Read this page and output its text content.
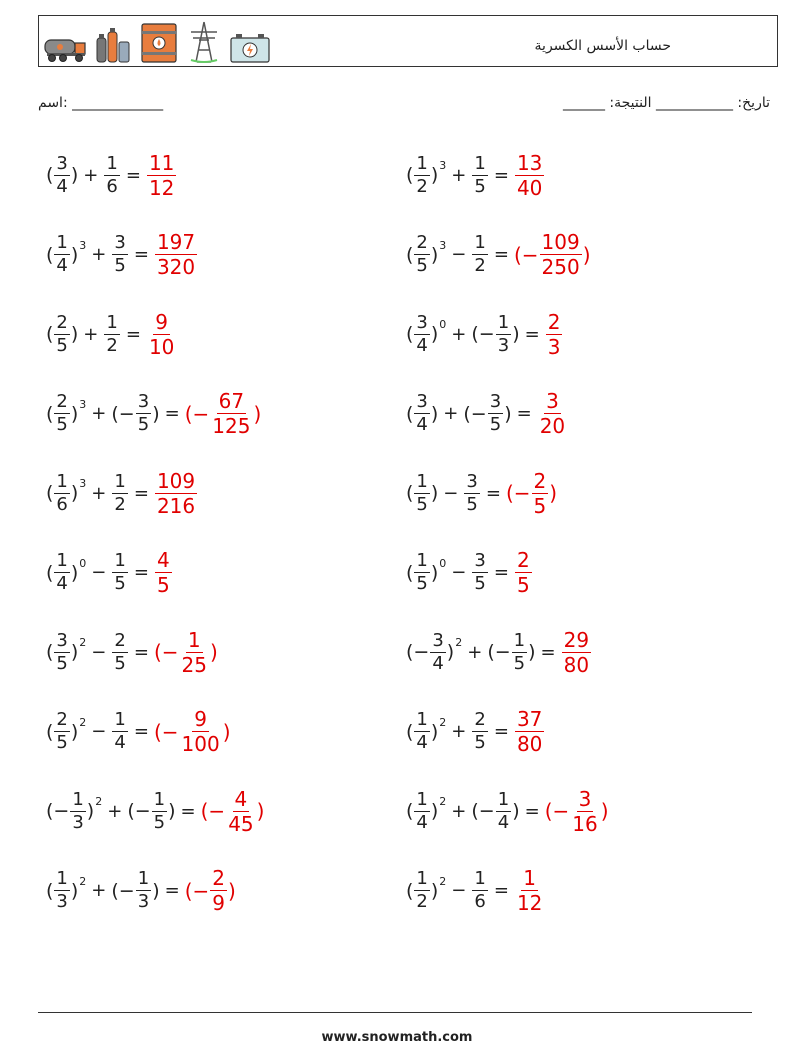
حساب الأسس الكسرية
اسم: _____________	______ :تاريخ: ___________ النتيجة
( $\frac{3}{4}$ ) + $\frac{1}{6} = \frac{11}{12}$	( $\frac{1}{2}$ ) $3 + \frac{1}{5} = \frac{13}{40}$
( $\frac{1}{4}$ ) $3 + \frac{3}{5} = \frac{197}{320}$	( $\frac{2}{5}$ ) $3 - \frac{1}{2}$ = (− $\frac{109}{250}$ )
( $\frac{2}{5}$ ) + $\frac{1}{2} = \frac{9}{10}$	( $\frac{3}{4}$ ) 0 + (− $\frac{1}{3}$ ) = $\frac{2}{3}$
( $\frac{2}{5}$ ) 3 + (− $\frac{3}{5}$ ) = (− $\frac{67}{125}$ )	( $\frac{3}{4}$ ) + (− $\frac{3}{5}$ ) = $\frac{3}{20}$
( $\frac{1}{6}$ ) $3 + \frac{1}{2} = \frac{109}{216}$	( $\frac{1}{5}$ ) − $\frac{3}{5}$ = (− $\frac{2}{5}$ )
( $\frac{1}{4}$ ) $0 - \frac{1}{5} = \frac{4}{5}$	( $\frac{1}{5}$ ) $0 - \frac{3}{5} = \frac{2}{5}$
( $\frac{3}{5}$ ) $2 - \frac{2}{5}$ = (− $\frac{1}{25}$ )	(− $\frac{3}{4}$ ) 2 + (− $\frac{1}{5}$ ) = $\frac{29}{80}$
( $\frac{2}{5}$ ) $2 - \frac{1}{4}$ = (− $\frac{9}{100}$ )	( $\frac{1}{4}$ ) $2 + \frac{2}{5} = \frac{37}{80}$
(− $\frac{1}{3}$ ) 2 + (− $\frac{1}{5}$ ) = (− $\frac{4}{45}$ )	( $\frac{1}{4}$ ) 2 + (− $\frac{1}{4}$ ) = (− $\frac{3}{16}$ )
( $\frac{1}{3}$ ) 2 + (− $\frac{1}{3}$ ) = (− $\frac{2}{9}$ )	( $\frac{1}{2}$ ) $2 - \frac{1}{6} = \frac{1}{12}$
www.snowmath.com
